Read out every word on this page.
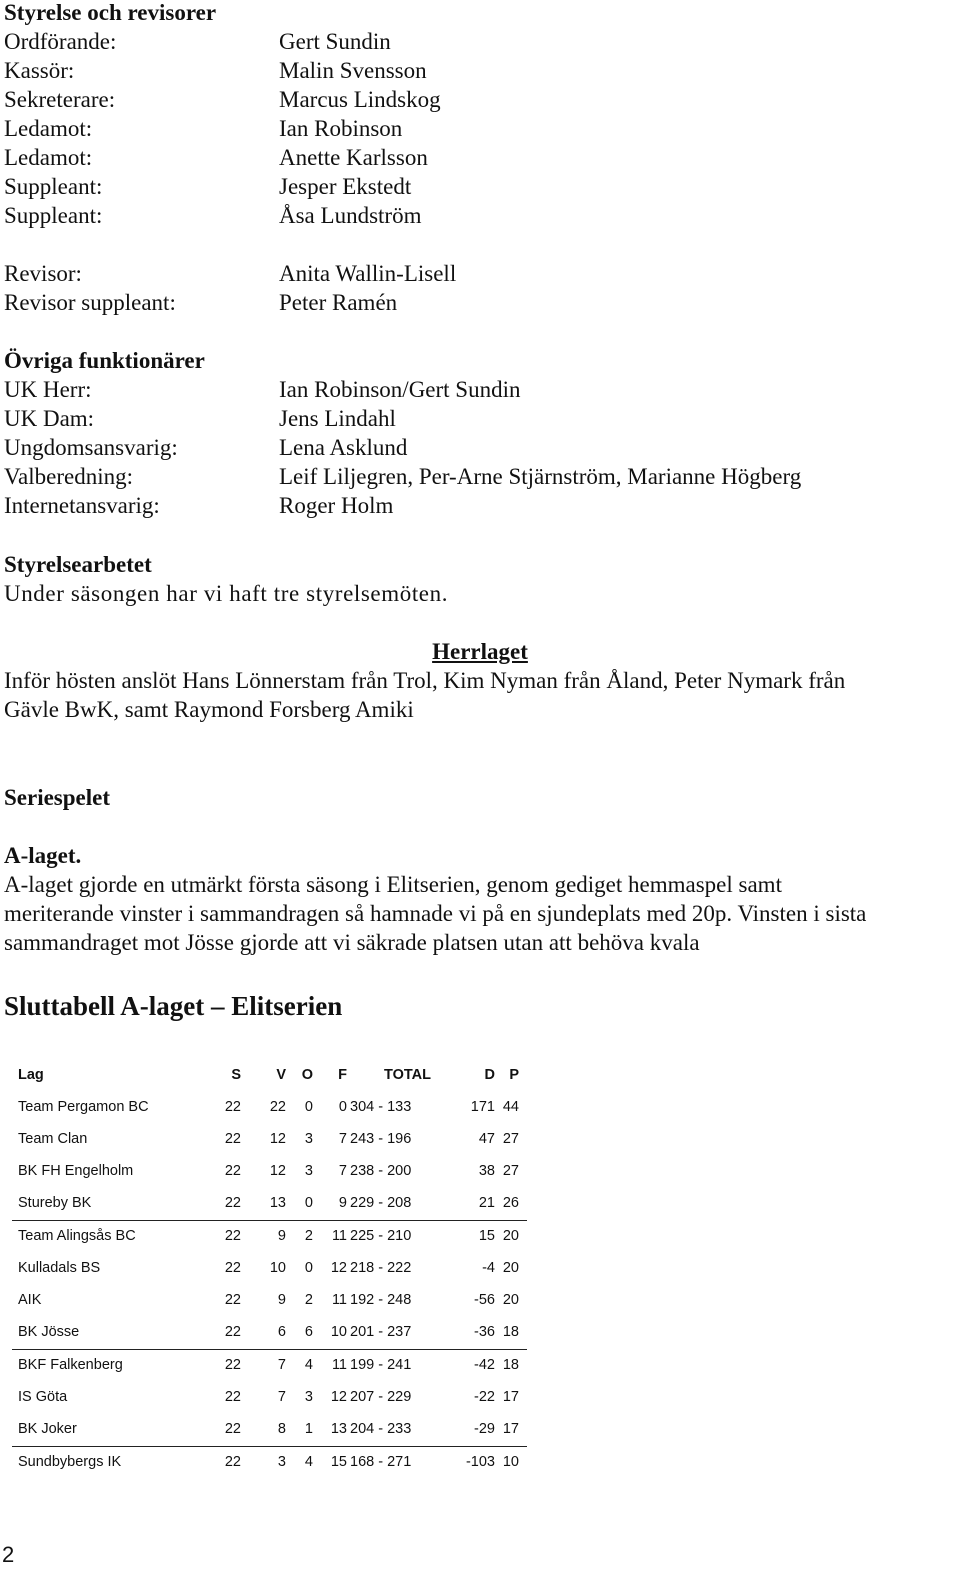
Styrelse och revisorer
Ordförande:	Gert Sundin
Kassör:	Malin Svensson
Sekreterare:	Marcus Lindskog
Ledamot:	Ian Robinson
Ledamot:	Anette Karlsson
Suppleant:	Jesper Ekstedt
Suppleant:	Åsa Lundström
Revisor:	Anita Wallin-Lisell
Revisor suppleant:	Peter Ramén
Övriga funktionärer
UK Herr:	Ian Robinson/Gert Sundin
UK Dam:	Jens Lindahl
Ungdomsansvarig:	Lena Asklund
Valberedning:	Leif Liljegren, Per-Arne Stjärnström, Marianne Högberg
Internetansvarig:	Roger Holm
Styrelsearbetet
Under säsongen har vi haft tre styrelsemöten.
Herrlaget
Inför hösten anslöt Hans Lönnerstam från Trol, Kim Nyman från Åland, Peter Nymark från
Gävle BwK, samt Raymond Forsberg Amiki
Seriespelet
A-laget.
A-laget gjorde en utmärkt första säsong i Elitserien, genom gediget hemmaspel samt
meriterande vinster i sammandragen så hamnade vi på en sjundeplats med 20p. Vinsten i sista
sammandraget mot Jösse gjorde att vi säkrade platsen utan att behöva kvala
Sluttabell A-laget – Elitserien
Lag	S	V	O	F	TOTAL	D P
Team Pergamon BC	22	22	0	0 304 - 133	171 44
Team Clan	22	12	3	7 243 - 196	47 27
BK FH Engelholm	22	12	3	7 238 - 200	38 27
Stureby BK	22	13	0	9 229 - 208	21 26
Team Alingsås BC	22	9	2	11 225 - 210	15 20
Kulladals BS	22	10	0	12 218 - 222	-4 20
AIK	22	9	2	11 192 - 248	-56 20
BK Jösse	22	6	6	10 201 - 237	-36 18
BKF Falkenberg	22	7	4	11 199 - 241	-42 18
IS Göta	22	7	3	12 207 - 229	-22 17
BK Joker	22	8	1	13 204 - 233	-29 17
Sundbybergs IK	22	3	4	15 168 - 271	-103 10
2
